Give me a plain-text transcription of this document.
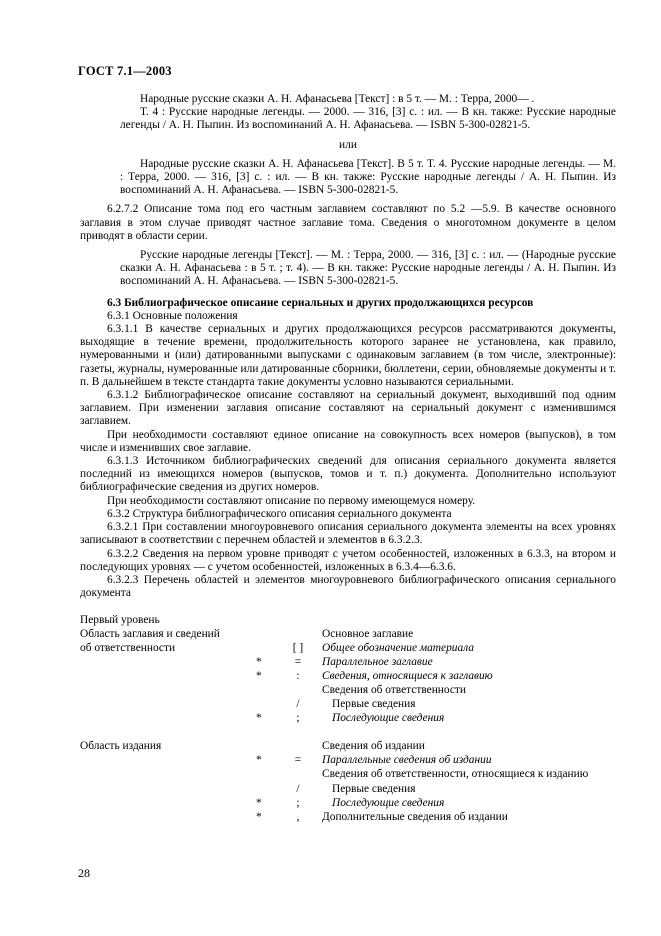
ГОСТ 7.1—2003

Народные русские сказки А. Н. Афанасьева [Текст] : в 5 т. — М. : Терра, 2000— .

Т. 4 : Русские народные легенды. — 2000. — 316, [3] с. : ил. — В кн. также: Русские народные легенды / А. Н. Пыпин. Из воспоминаний А. Н. Афанасьева. — ISBN 5-300-02821-5.

или

Народные русские сказки А. Н. Афанасьева [Текст]. В 5 т. Т. 4. Русские народные легенды. — М. : Терра, 2000. — 316, [3] с. : ил. — В кн. также: Русские народные легенды / А. Н. Пыпин. Из воспоминаний А. Н. Афанасьева. — ISBN 5-300-02821-5.

6.2.7.2 Описание тома под его частным заглавием составляют по 5.2 —5.9. В качестве основного заглавия в этом случае приводят частное заглавие тома. Сведения о многотомном документе в целом приводят в области серии.

Русские народные легенды [Текст]. — М. : Терра, 2000. — 316, [3] с. : ил. — (Народные русские сказки А. Н. Афанасьева : в 5 т. ; т. 4). — В кн. также: Русские народные легенды / А. Н. Пыпин. Из воспоминаний А. Н. Афанасьева. — ISBN 5-300-02821-5.

6.3 Библиографическое описание сериальных и других продолжающихся ресурсов

6.3.1 Основные положения

6.3.1.1 В качестве сериальных и других продолжающихся ресурсов рассматриваются документы, выходящие в течение времени, продолжительность которого заранее не установлена, как правило, нумерованными и (или) датированными выпусками с одинаковым заглавием (в том числе, электронные): газеты, журналы, нумерованные или датированные сборники, бюллетени, серии, обновляемые документы и т. п. В дальнейшем в тексте стандарта такие документы условно называются сериальными.

6.3.1.2 Библиографическое описание составляют на сериальный документ, выходивший под одним заглавием. При изменении заглавия описание составляют на сериальный документ с изменившимся заглавием.

При необходимости составляют единое описание на совокупность всех номеров (выпусков), в том числе и изменивших свое заглавие.

6.3.1.3 Источником библиографических сведений для описания сериального документа является последний из имеющихся номеров (выпусков, томов и т. п.) документа. Дополнительно используют библиографические сведения из других номеров.

При необходимости составляют описание по первому имеющемуся номеру.

6.3.2 Структура библиографического описания сериального документа

6.3.2.1 При составлении многоуровневого описания сериального документа элементы на всех уровнях записывают в соответствии с перечнем областей и элементов в 6.3.2.3.

6.3.2.2 Сведения на первом уровне приводят с учетом особенностей, изложенных в 6.3.3, на втором и последующих уровнях — с учетом особенностей, изложенных в 6.3.4—6.3.6.

6.3.2.3 Перечень областей и элементов многоуровневого библиографического описания сериального документа

Первый уровень

Область заглавия и сведений	Основное заглавие
об ответственности	[ ] Общее обозначение материала
*	=	Параллельное заглавие
*	:	Сведения, относящиеся к заглавию
Сведения об ответственности
/	Первые сведения
*	;	Последующие сведения
Область издания	Сведения об издании
*	=	Параллельные сведения об издании
Сведения об ответственности, относящиеся к изданию
/	Первые сведения
*	;	Последующие сведения
*	,	Дополнительные сведения об издании
28
